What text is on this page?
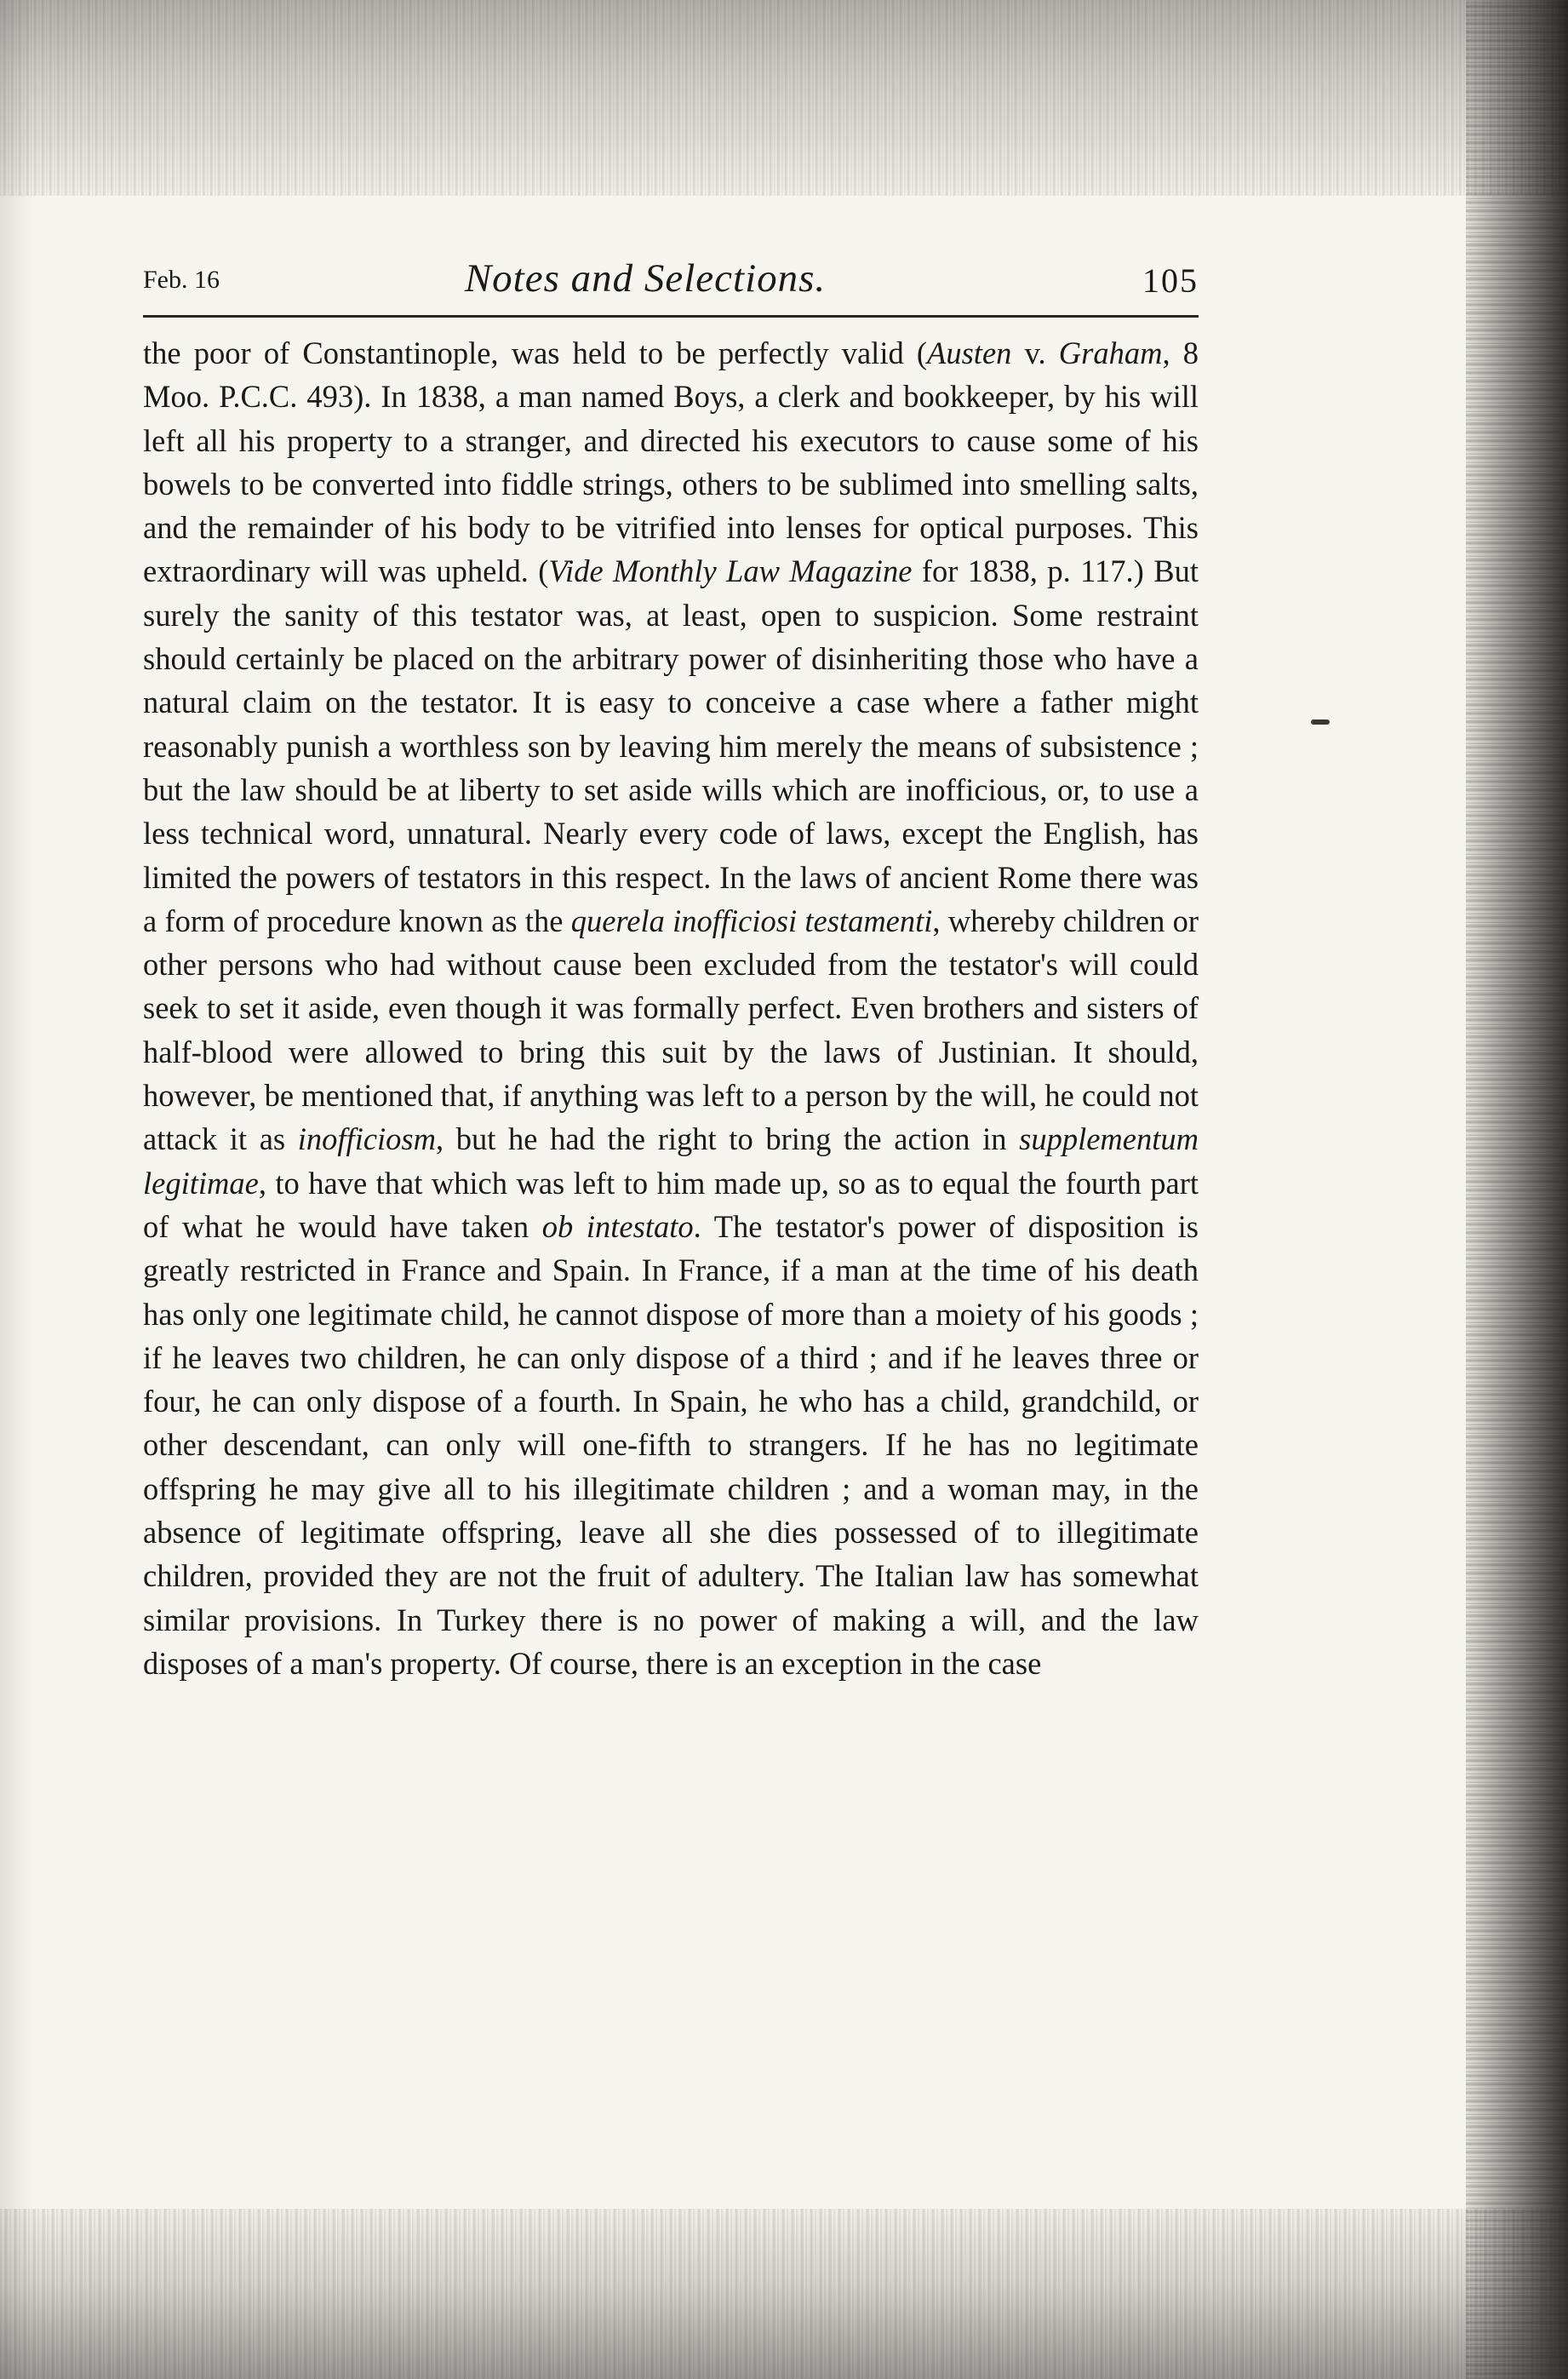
Feb. 16	Notes and Selections.	105

the poor of Constantinople, was held to be perfectly valid (Austen v. Graham, 8 Moo. P.C.C. 493). In 1838, a man named Boys, a clerk and bookkeeper, by his will left all his property to a stranger, and directed his executors to cause some of his bowels to be converted into fiddle strings, others to be sublimed into smelling salts, and the remainder of his body to be vitrified into lenses for optical purposes. This extraordinary will was upheld. (Vide Monthly Law Magazine for 1838, p. 117.) But surely the sanity of this testator was, at least, open to suspicion. Some restraint should certainly be placed on the arbitrary power of disinheriting those who have a natural claim on the testator. It is easy to conceive a case where a father might reasonably punish a worthless son by leaving him merely the means of subsistence ; but the law should be at liberty to set aside wills which are inofficious, or, to use a less technical word, unnatural. Nearly every code of laws, except the English, has limited the powers of testators in this respect. In the laws of ancient Rome there was a form of procedure known as the querela inofficiosi testamenti, whereby children or other persons who had without cause been excluded from the testator's will could seek to set it aside, even though it was formally perfect. Even brothers and sisters of half-blood were allowed to bring this suit by the laws of Justinian. It should, however, be mentioned that, if anything was left to a person by the will, he could not attack it as inofficiosm, but he had the right to bring the action in supplementum legitimae, to have that which was left to him made up, so as to equal the fourth part of what he would have taken ob intestato. The testator's power of disposition is greatly restricted in France and Spain. In France, if a man at the time of his death has only one legitimate child, he cannot dispose of more than a moiety of his goods ; if he leaves two children, he can only dispose of a third ; and if he leaves three or four, he can only dispose of a fourth. In Spain, he who has a child, grandchild, or other descendant, can only will one-fifth to strangers. If he has no legitimate offspring he may give all to his illegitimate children ; and a woman may, in the absence of legitimate offspring, leave all she dies possessed of to illegitimate children, provided they are not the fruit of adultery. The Italian law has somewhat similar provisions. In Turkey there is no power of making a will, and the law disposes of a man's property. Of course, there is an exception in the case
